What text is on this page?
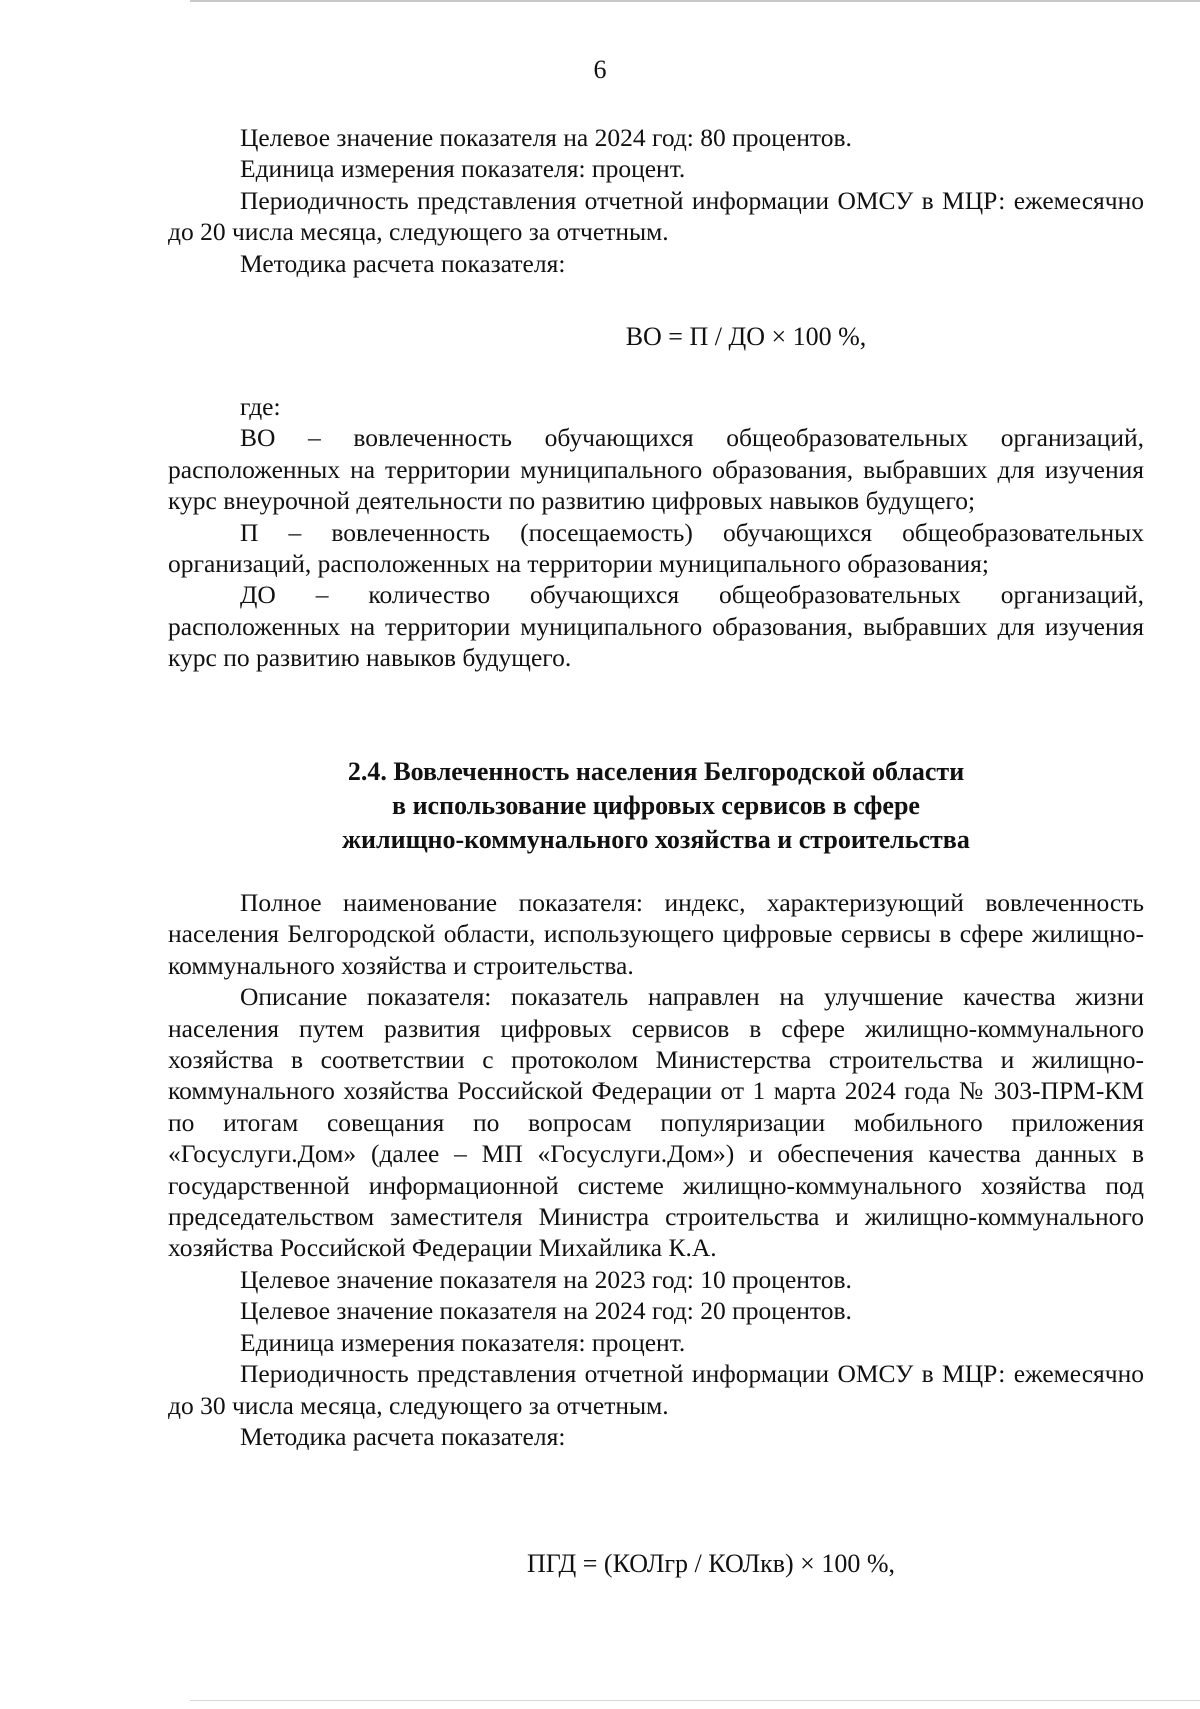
6

Целевое значение показателя на 2024 год: 80 процентов.

Единица измерения показателя: процент.

Периодичность представления отчетной информации ОМСУ в МЦР: ежемесячно до 20 числа месяца, следующего за отчетным.

Методика расчета показателя:

ВО = П / ДО × 100 %,

где:

ВО – вовлеченность обучающихся общеобразовательных организаций, расположенных на территории муниципального образования, выбравших для изучения курс внеурочной деятельности по развитию цифровых навыков будущего;

П – вовлеченность (посещаемость) обучающихся общеобразовательных организаций, расположенных на территории муниципального образования;

ДО – количество обучающихся общеобразовательных организаций, расположенных на территории муниципального образования, выбравших для изучения курс по развитию навыков будущего.

2.4. Вовлеченность населения Белгородской области
в использование цифровых сервисов в сфере
жилищно-коммунального хозяйства и строительства

Полное наименование показателя: индекс, характеризующий вовлеченность населения Белгородской области, использующего цифровые сервисы в сфере жилищно-коммунального хозяйства и строительства.

Описание показателя: показатель направлен на улучшение качества жизни населения путем развития цифровых сервисов в сфере жилищно-коммунального хозяйства в соответствии с протоколом Министерства строительства и жилищно-коммунального хозяйства Российской Федерации от 1 марта 2024 года № 303-ПРМ-КМ по итогам совещания по вопросам популяризации мобильного приложения «Госуслуги.Дом» (далее – МП «Госуслуги.Дом») и обеспечения качества данных в государственной информационной системе жилищно-коммунального хозяйства под председательством заместителя Министра строительства и жилищно-коммунального хозяйства Российской Федерации Михайлика К.А.

Целевое значение показателя на 2023 год: 10 процентов.

Целевое значение показателя на 2024 год: 20 процентов.

Единица измерения показателя: процент.

Периодичность представления отчетной информации ОМСУ в МЦР: ежемесячно до 30 числа месяца, следующего за отчетным.

Методика расчета показателя:

ПГД = (КОЛгр / КОЛкв) × 100 %,
